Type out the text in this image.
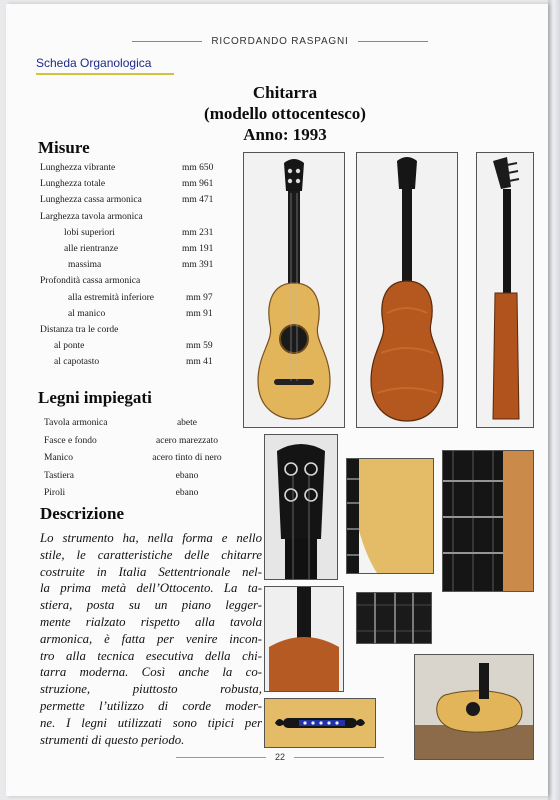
RICORDANDO RASPAGNI
Scheda Organologica
Chitarra
(modello ottocentesco)
Anno: 1993
Misure
Lunghezza vibrante	mm 650
Lunghezza totale	mm 961
Lunghezza cassa armonica	mm 471
Larghezza tavola armonica
lobi superiori	mm 231
alle rientranze	mm 191
massima	mm 391
Profondità cassa armonica
alla estremità inferiore	mm 97
al manico	mm 91
Distanza tra le corde
al ponte	mm 59
al capotasto	mm 41
Legni impiegati
Tavola armonica	abete
Fasce e fondo	acero marezzato
Manico	acero tinto di nero
Tastiera	ebano
Piroli	ebano
Descrizione
Lo strumento ha, nella forma e nello
stile, le caratteristiche delle chitarre
costruite in Italia Settentrionale nel-
la prima metà dell’Ottocento. La ta-
stiera, posta su un piano legger-
mente rialzato rispetto alla tavola
armonica, è fatta per venire incon-
tro alla tecnica esecutiva della chi-
tarra moderna. Così anche la co-
struzione, piuttosto robusta,
permette l’utilizzo di corde moder-
ne. I legni utilizzati sono tipici per
strumenti di questo periodo.
22
